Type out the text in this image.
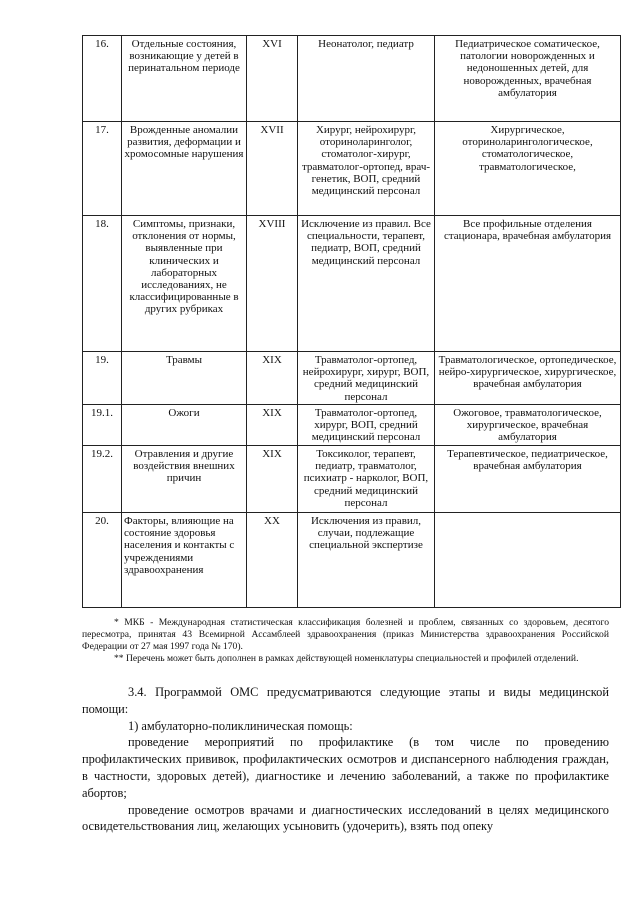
16.	Отдельные состояния, возникающие у детей в перинатальном периоде	XVI	Неонатолог, педиатр	Педиатрическое соматическое, патологии новорожденных и недоношенных детей, для новорожденных, врачебная амбулатория
17.	Врожденные аномалии развития, деформации и хромосомные нарушения	XVII	Хирург, нейрохирург, оториноларинголог, стоматолог-хирург, травматолог-ортопед, врач-генетик, ВОП, средний медицинский персонал	Хирургическое, оториноларингологическое, стоматологическое, травматологическое,
18.	Симптомы, признаки, отклонения от нормы, выявленные при клинических и лабораторных исследованиях, не классифицированные в других рубриках	XVIII	Исключение из правил. Все специальности, терапевт, педиатр, ВОП, средний медицинский персонал	Все профильные отделения стационара, врачебная амбулатория
19.	Травмы	XIX	Травматолог-ортопед, нейрохирург, хирург, ВОП, средний медицинский персонал	Травматологическое, ортопедическое, нейро-хирургическое, хирургическое, врачебная амбулатория
19.1.	Ожоги	XIX	Травматолог-ортопед, хирург, ВОП, средний медицинский персонал	Ожоговое, травматологическое, хирургическое, врачебная амбулатория
19.2.	Отравления и другие воздействия внешних причин	XIX	Токсиколог, терапевт, педиатр, травматолог, психиатр - нарколог, ВОП, средний медицинский персонал	Терапевтическое, педиатрическое, врачебная амбулатория
20.	Факторы, влияющие на состояние здоровья населения и контакты с учреждениями здравоохранения	XX	Исключения из правил, случаи, подлежащие специальной экспертизе	

* МКБ - Международная статистическая классификация болезней и проблем, связанных со здоровьем, десятого пересмотра, принятая 43 Всемирной Ассамблеей здравоохранения (приказ Министерства здравоохранения Российской Федерации от 27 мая 1997 года № 170).

** Перечень может быть дополнен в рамках действующей номенклатуры специальностей и профилей отделений.

3.4. Программой ОМС предусматриваются следующие этапы и виды медицинской помощи:

1) амбулаторно-поликлиническая помощь:

проведение мероприятий по профилактике (в том числе по проведению профилактических прививок, профилактических осмотров и диспансерного наблюдения граждан, в частности, здоровых детей), диагностике и лечению заболеваний, а также по профилактике абортов;

проведение осмотров врачами и диагностических исследований в целях медицинского освидетельствования лиц, желающих усыновить (удочерить), взять под опеку
